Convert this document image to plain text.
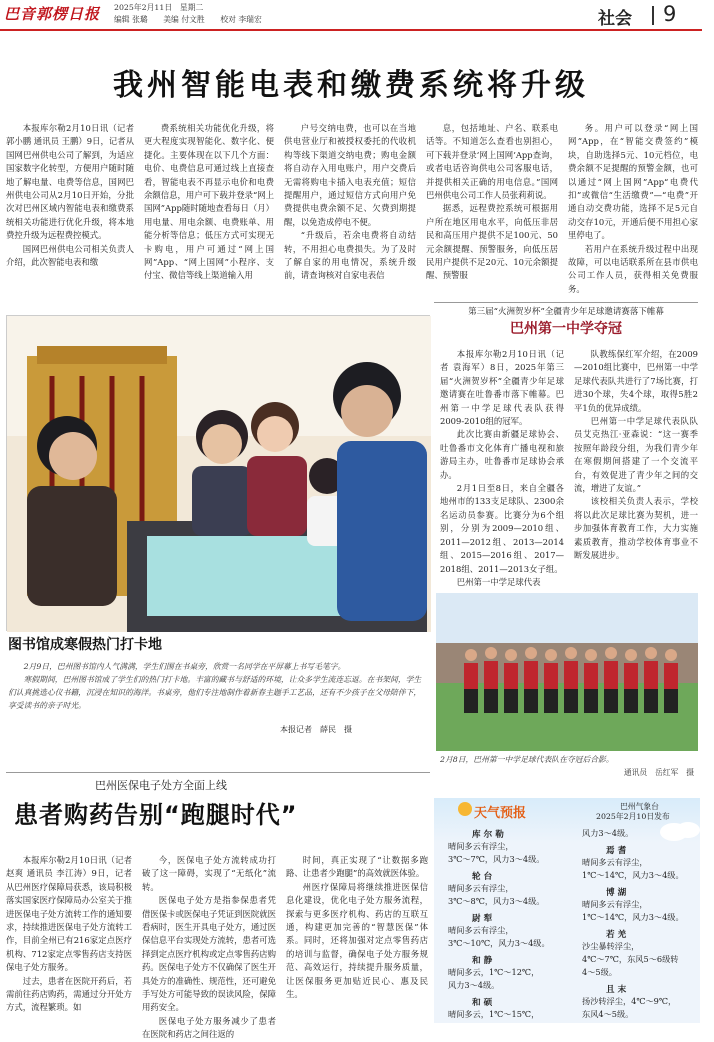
巴音郭楞日报 2025年2月11日　星期二
编辑 张璐　　美编 付文胜　　校对 李瑞宏	社会 9
我州智能电表和缴费系统将升级

本报库尔勒2月10日讯（记者 郭小鹏 通讯员 王鹏）9日，记者从国网巴州供电公司了解到，为适应国家数字化转型，方便用户随时随地了解电量、电费等信息，国网巴州供电公司从2月10日开始，分批次对巴州区域内智能电表和缴费系统相关功能进行优化升级，将本地费控升级为远程费控模式。

国网巴州供电公司相关负责人介绍，此次智能电表和缴

费系统相关功能优化升级，将更大程度实现智能化、数字化、便捷化。主要体现在以下几个方面：电价、电费信息可通过线上直接查看，智能电表不再显示电价和电费余额信息，用户可下载并登录“网上国网”App随时随地查看每日（月）用电量、用电余额、电费账单、用能分析等信息；低压方式可实现无卡购电，用户可通过“网上国网”App、“网上国网”小程序、支付宝、微信等线上渠道输入用

户号交纳电费，也可以在当地供电营业厅和被授权委托的代收机构等线下渠道交纳电费；购电金额将自动存入用电账户，用户交费后无需将购电卡插入电表充值；短信提醒用户，通过短信方式向用户免费提供电费余额不足、欠费到期提醒，以免造成停电不便。

“升级后，若余电费将自动结转，不用担心电费损失。为了及时了解自家的用电情况，系统升级前，请查询核对自家电表信

息，包括地址、户名、联系电话等。不知道怎么查看也别担心，可下载并登录‘网上国网’App查询，或者电话咨询供电公司客服电话，并提供相关正确的用电信息。”国网巴州供电公司工作人员张莉莉说。

据悉，远程费控系统可根据用户所在地区用电水平，向低压非居民和高压用户提供不足100元、50元余额提醒、预警服务，向低压居民用户提供不足20元、10元余额提醒、预警服

务。用户可以登录“网上国网”App，在“智能交费签约”模块，自助选择5元、10元档位，电费余额不足提醒的预警金额，也可以通过“网上国网”App“电费代扣”或微信“生活缴费”—“电费”开通自动交费功能，选择不足5元自动交存10元，开通后便不用担心家里停电了。

若用户在系统升级过程中出现故障，可以电话联系所在县市供电公司工作人员，获得相关免费服务。

图书馆成寒假热门打卡地

2月9日，巴州图书馆内人气满满，学生们围在书桌旁，欣赏一名同学在平屏幕上书写毛笔字。

寒假期间，巴州图书馆成了学生们的热门打卡地。丰富的藏书与舒适的环境，让众多学生流连忘返。在书架间，学生们认真挑选心仪书籍，沉浸在知识的海洋。书桌旁，他们专注地制作着新春主题手工艺品，还有不少孩子在父母陪伴下，享受读书的亲子时光。

本报记者　薛民　摄
第三届“火洲贺岁杯”全疆青少年足球邀请赛落下帷幕
巴州第一中学夺冠

本报库尔勒2月10日讯（记者 袁海军）8日，2025年第三届“火洲贺岁杯”全疆青少年足球邀请赛在吐鲁番市落下帷幕。巴州第一中学足球代表队获得2009-2010组的冠军。

此次比赛由新疆足球协会、吐鲁番市文化体育广播电视和旅游局主办，吐鲁番市足球协会承办。

2月1日至8日，来自全疆各地州市的133支足球队、2300余名运动员参赛。比赛分为6个组别，分别为2009—2010组、2011—2012组、2013—2014组、2015—2016组、2017—2018组、2011—2013女子组。

巴州第一中学足球代表

队教练保红军介绍，在2009—2010组比赛中，巴州第一中学足球代表队共进行了7场比赛，打进30个球，失4个球，取得5胜2平1负的优异成绩。

巴州第一中学足球代表队队员艾克热江·亚森说：“这一赛季按照年龄段分组，为我们青少年在寒假期间搭建了一个交流平台，有效促进了青少年之间的交流，增进了友谊。”

该校相关负责人表示，学校将以此次足球比赛为契机，进一步加强体育教育工作，大力实施素质教育，推动学校体育事业不断发展进步。

2月8日，巴州第一中学足球代表队在夺冠后合影。
通讯员　岳红军　摄
巴州医保电子处方全面上线
患者购药告别“跑腿时代”

本报库尔勒2月10日讯（记者 赵爽 通讯员 李江涛）9日，记者从巴州医疗保障局获悉，该局积极落实国家医疗保障局办公室关于推进医保电子处方流转工作的通知要求，持续推进医保电子处方流转工作，目前全州已有216家定点医疗机构、712家定点零售药店支持医保电子处方服务。

过去，患者在医院开药后，若需前往药店购药，需通过分开处方方式，流程繁琐。如

今，医保电子处方流转成功打破了这一障碍，实现了“无纸化”流转。

医保电子处方是指参保患者凭借医保卡或医保电子凭证到医院就医看病时，医生开具电子处方，通过医保信息平台实现处方流转，患者可选择到定点医疗机构或定点零售药店购药。医保电子处方不仅确保了医生开具处方的准确性、规范性，还可避免手写处方可能导致的误读风险，保障用药安全。

医保电子处方服务减少了患者在医院和药店之间往返的

时间，真正实现了“让数据多跑路、让患者少跑腿”的高效就医体验。

州医疗保障局将继续推进医保信息化建设，优化电子处方服务流程，探索与更多医疗机构、药店的互联互通，构建更加完善的“智慧医保”体系。同时，还将加强对定点零售药店的培训与监督，确保电子处方服务规范、高效运行，持续提升服务质量，让医保服务更加贴近民心、惠及民生。

天气预报	巴州气象台
2025年2月10日发布
库尔勒
晴间多云有浮尘，
3℃～7℃，风力3～4级。
轮台
晴间多云有浮尘，
3℃～8℃，风力3～4级。
尉犁
晴间多云有浮尘，
3℃～10℃，风力3～4级。
和静
晴间多云，1℃～12℃，
风力3～4级。
和硕
晴间多云，1℃～15℃，
风力3～4级。
焉耆
晴间多云有浮尘，
1℃～14℃，风力3～4级。
博湖
晴间多云有浮尘，
1℃～14℃，风力3～4级。
若羌
沙尘暴转浮尘，
4℃～7℃，东风5～6级转
4～5级。
且末
扬沙转浮尘，4℃～9℃，
东风4～5级。
